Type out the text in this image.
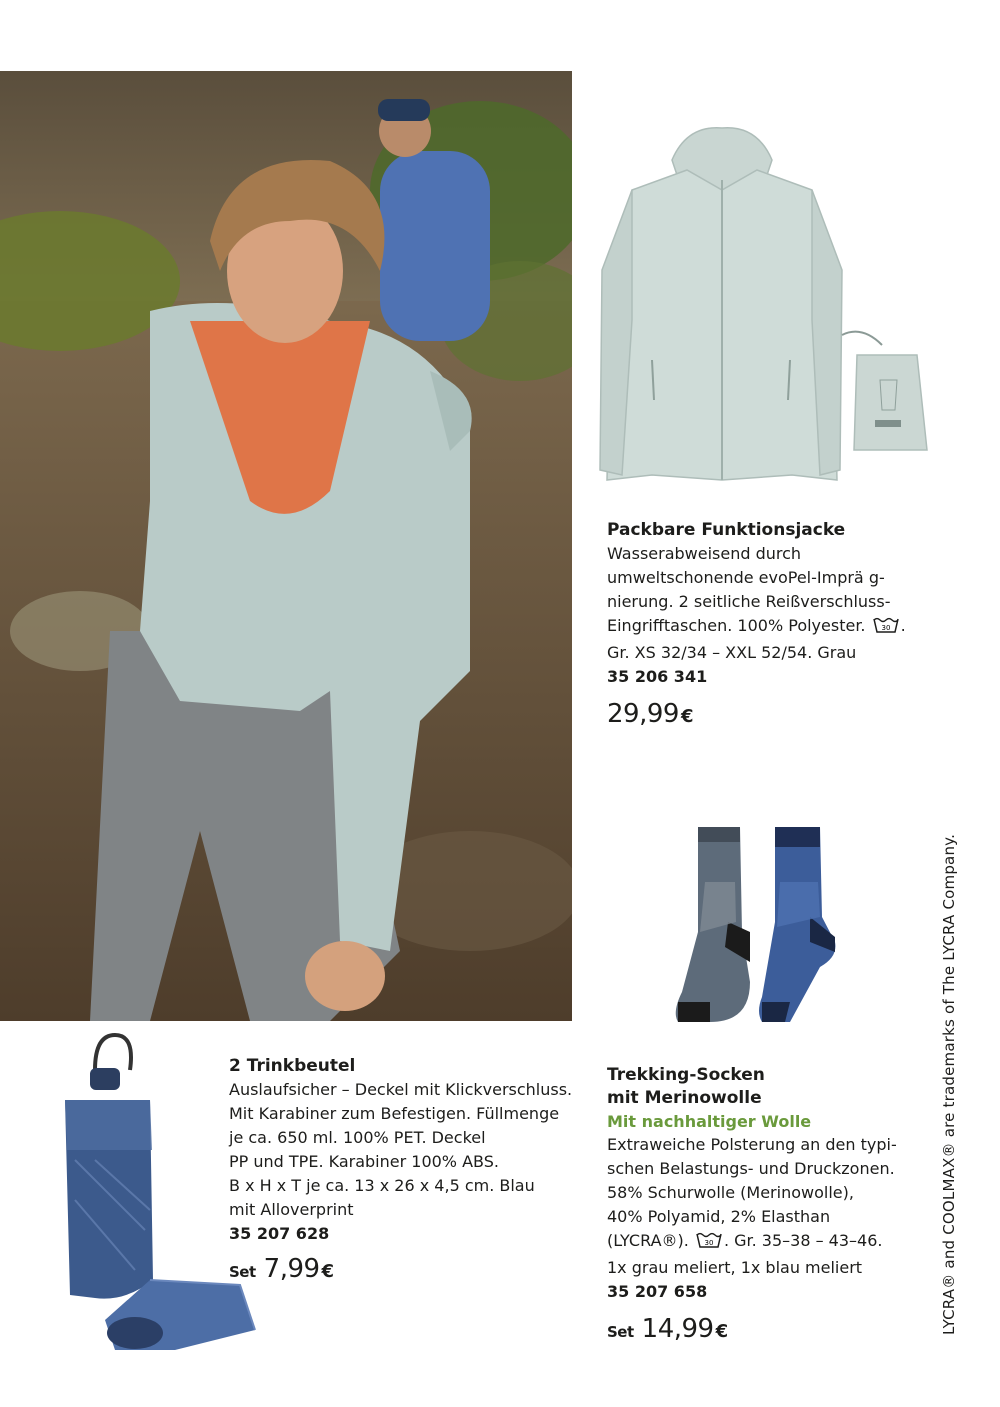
Packbare Funktionsjacke

Wasserabweisend durch

umweltschonende evoPel-Imprä g-

nierung. 2 seitliche Reißverschluss-

Eingrifftaschen. 100% Polyester. 30 .

Gr. XS 32/34 – XXL 52/54. Grau

35 206 341

29,99 €

Trekking-Socken

mit Merinowolle

Mit nachhaltiger Wolle

Extraweiche Polsterung an den typi-

schen Belastungs- und Druckzonen.

58% Schurwolle (Merinowolle),

40% Polyamid, 2% Elasthan

(LYCRA®). 30 . Gr. 35–38 – 43–46.

1x grau meliert, 1x blau meliert

35 207 658

Set 14,99 €

2 Trinkbeutel

Auslaufsicher – Deckel mit Klickverschluss.

Mit Karabiner zum Befestigen. Füllmenge

je ca. 650 ml. 100% PET. Deckel

PP und TPE. Karabiner 100% ABS.

B x H x T je ca. 13 x 26 x 4,5 cm. Blau

mit Alloverprint

35 207 628

Set 7,99 €	LYCRA® and COOLMAX® are trademarks of The LYCRA Company.
